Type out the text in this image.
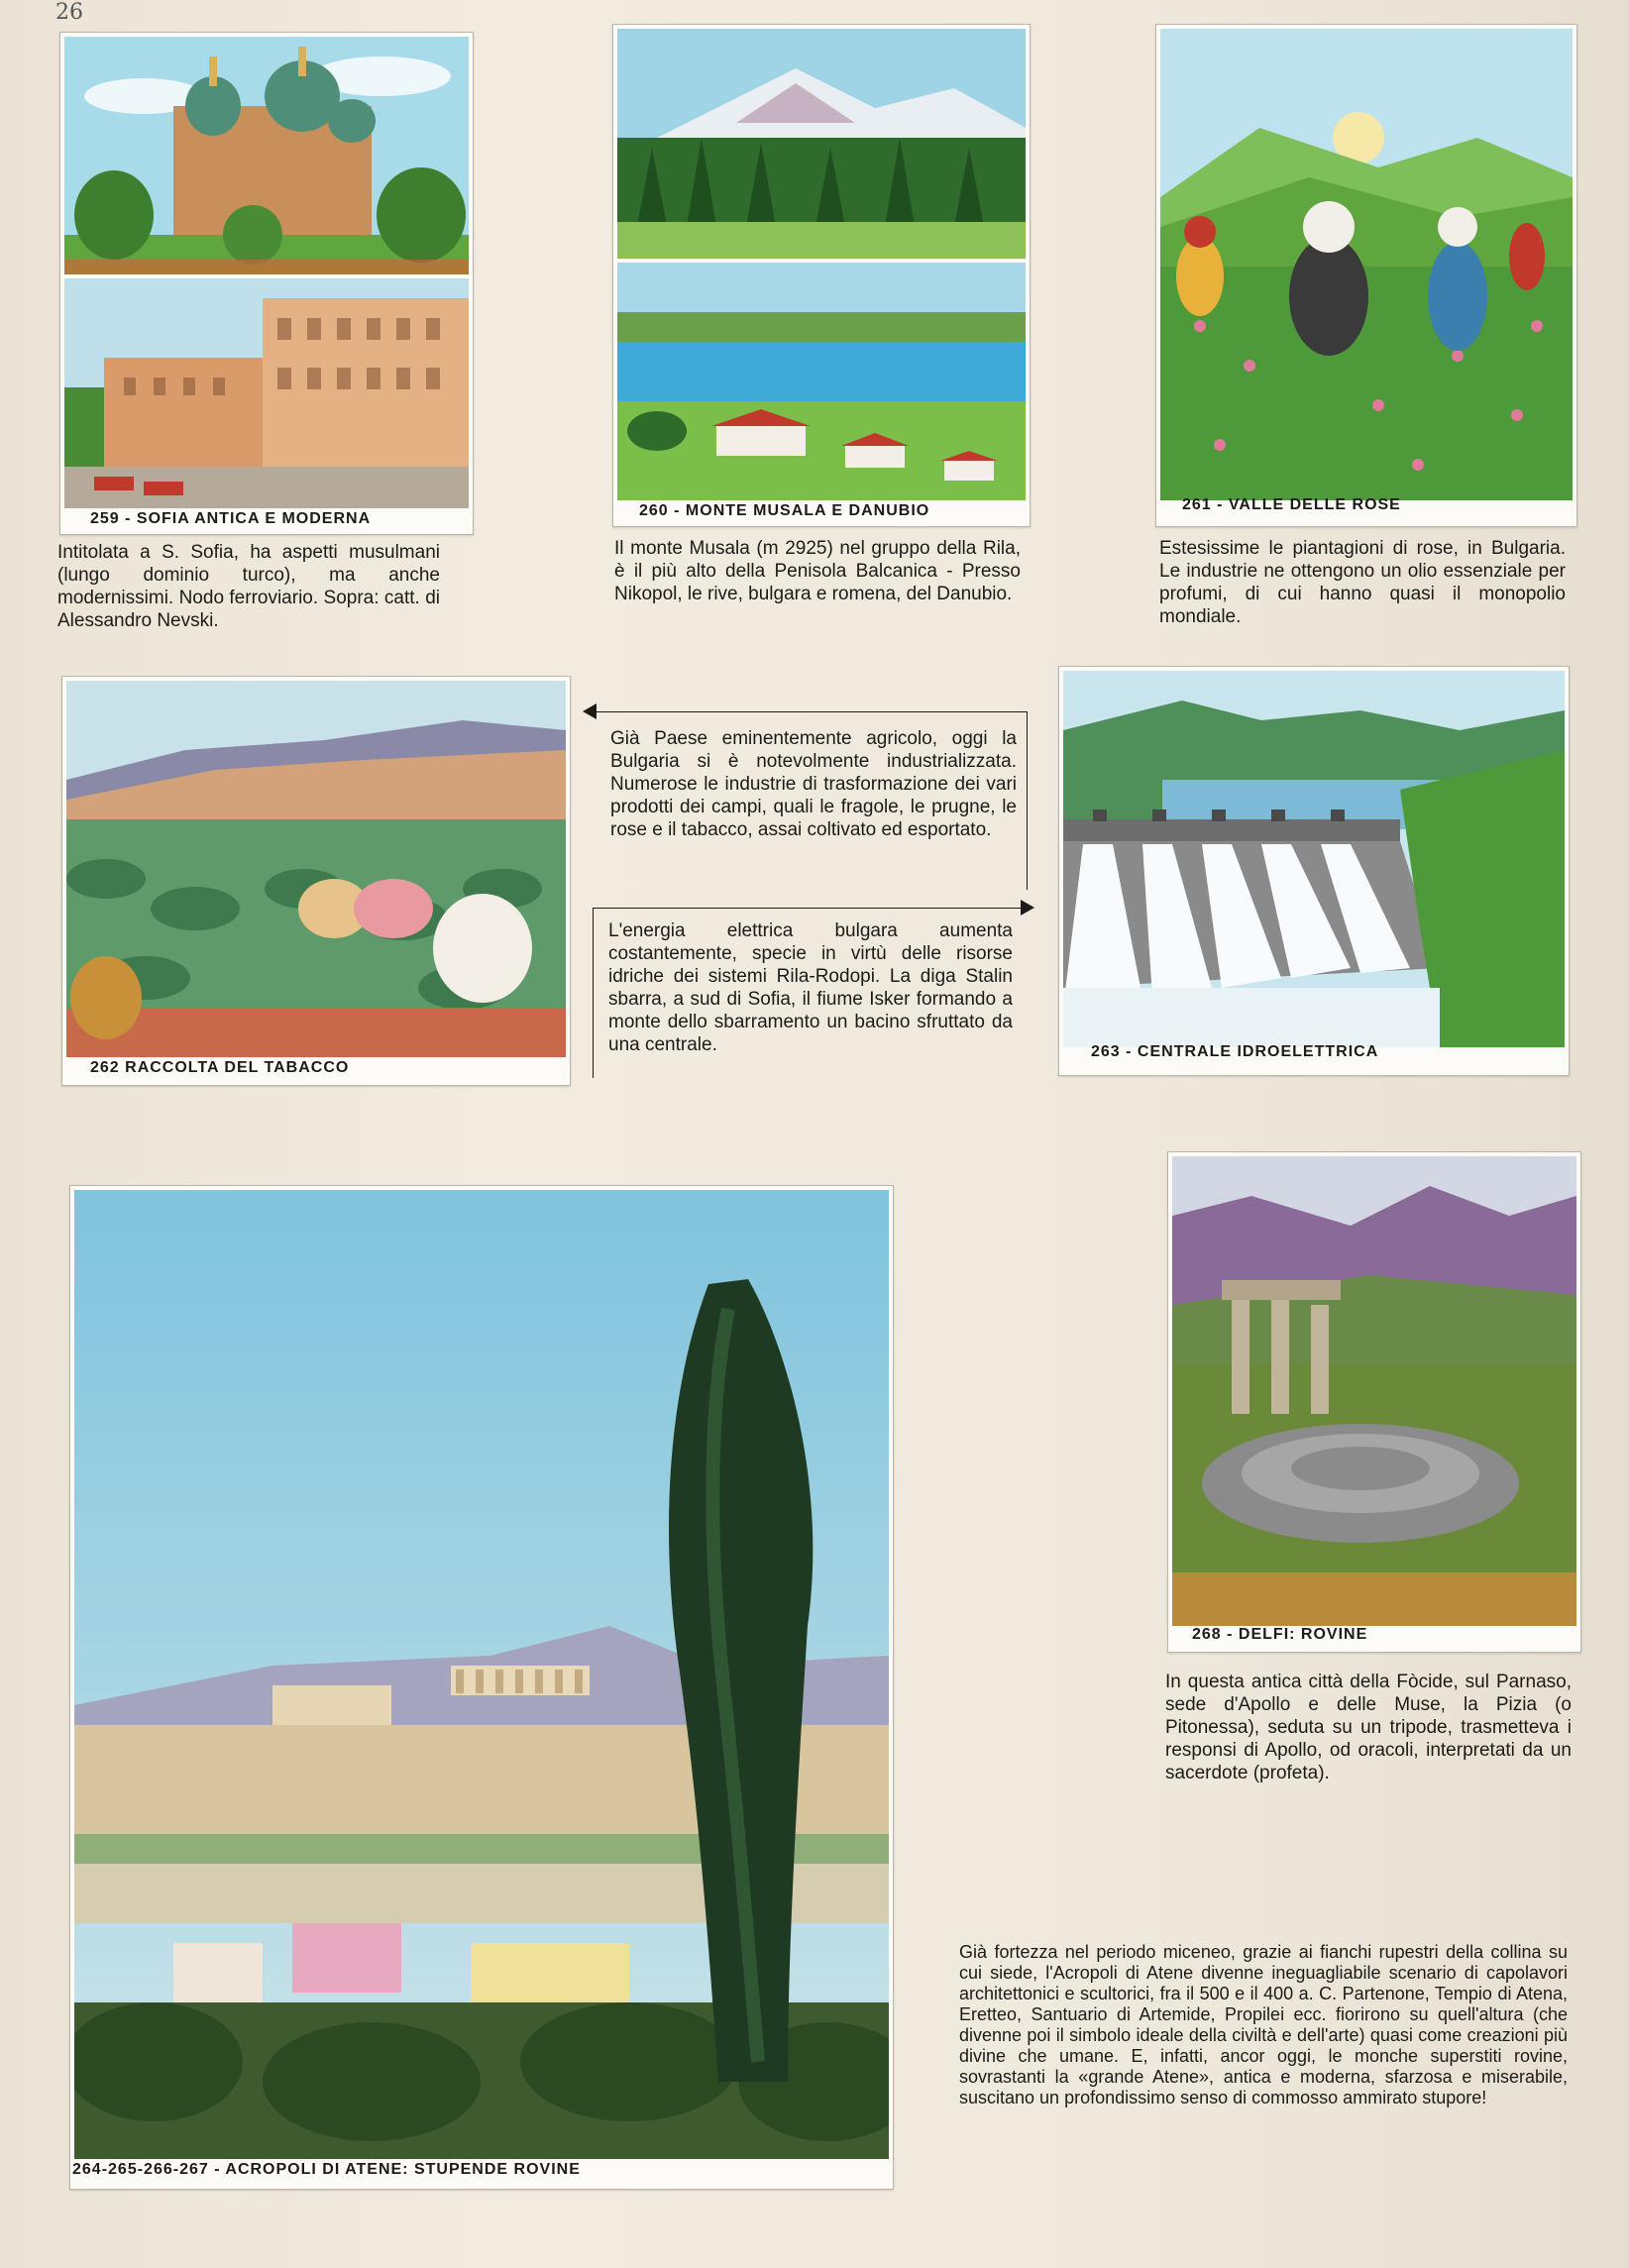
26
259 - SOFIA ANTICA E MODERNA
Intitolata a S. Sofia, ha aspetti musulmani (lungo dominio turco), ma anche modernissimi. Nodo ferroviario. Sopra: catt. di Alessandro Nevski.
260 - MONTE MUSALA E DANUBIO
Il monte Musala (m 2925) nel gruppo della Rila, è il più alto della Penisola Balcanica - Presso Nikopol, le rive, bulgara e romena, del Danubio.
261 - VALLE DELLE ROSE
Estesissime le piantagioni di rose, in Bulgaria. Le industrie ne ottengono un olio essenziale per profumi, di cui hanno quasi il monopolio mondiale.
262 RACCOLTA DEL TABACCO
Già Paese eminentemente agricolo, oggi la Bulgaria si è notevolmente industrializzata. Numerose le industrie di trasformazione dei vari prodotti dei campi, quali le fragole, le prugne, le rose e il tabacco, assai coltivato ed esportato.
L'energia elettrica bulgara aumenta costantemente, specie in virtù delle risorse idriche dei sistemi Rila-Rodopi. La diga Stalin sbarra, a sud di Sofia, il fiume Isker formando a monte dello sbarramento un bacino sfruttato da una centrale.	263 - CENTRALE IDROELETTRICA
264-265-266-267 - ACROPOLI DI ATENE: STUPENDE ROVINE
268 - DELFI: ROVINE
In questa antica città della Fòcide, sul Parnaso, sede d'Apollo e delle Muse, la Pizia (o Pitonessa), seduta su un tripode, trasmetteva i responsi di Apollo, od oracoli, interpretati da un sacerdote (profeta).
Già fortezza nel periodo miceneo, grazie ai fianchi rupestri della collina su cui siede, l'Acropoli di Atene divenne ineguagliabile scenario di capolavori architettonici e scultorici, fra il 500 e il 400 a. C. Partenone, Tempio di Atena, Eretteo, Santuario di Artemide, Propilei ecc. fiorirono su quell'altura (che divenne poi il simbolo ideale della civiltà e dell'arte) quasi come creazioni più divine che umane. E, infatti, ancor oggi, le monche superstiti rovine, sovrastanti la «grande Atene», antica e moderna, sfarzosa e miserabile, suscitano un profondissimo senso di commosso ammirato stupore!
